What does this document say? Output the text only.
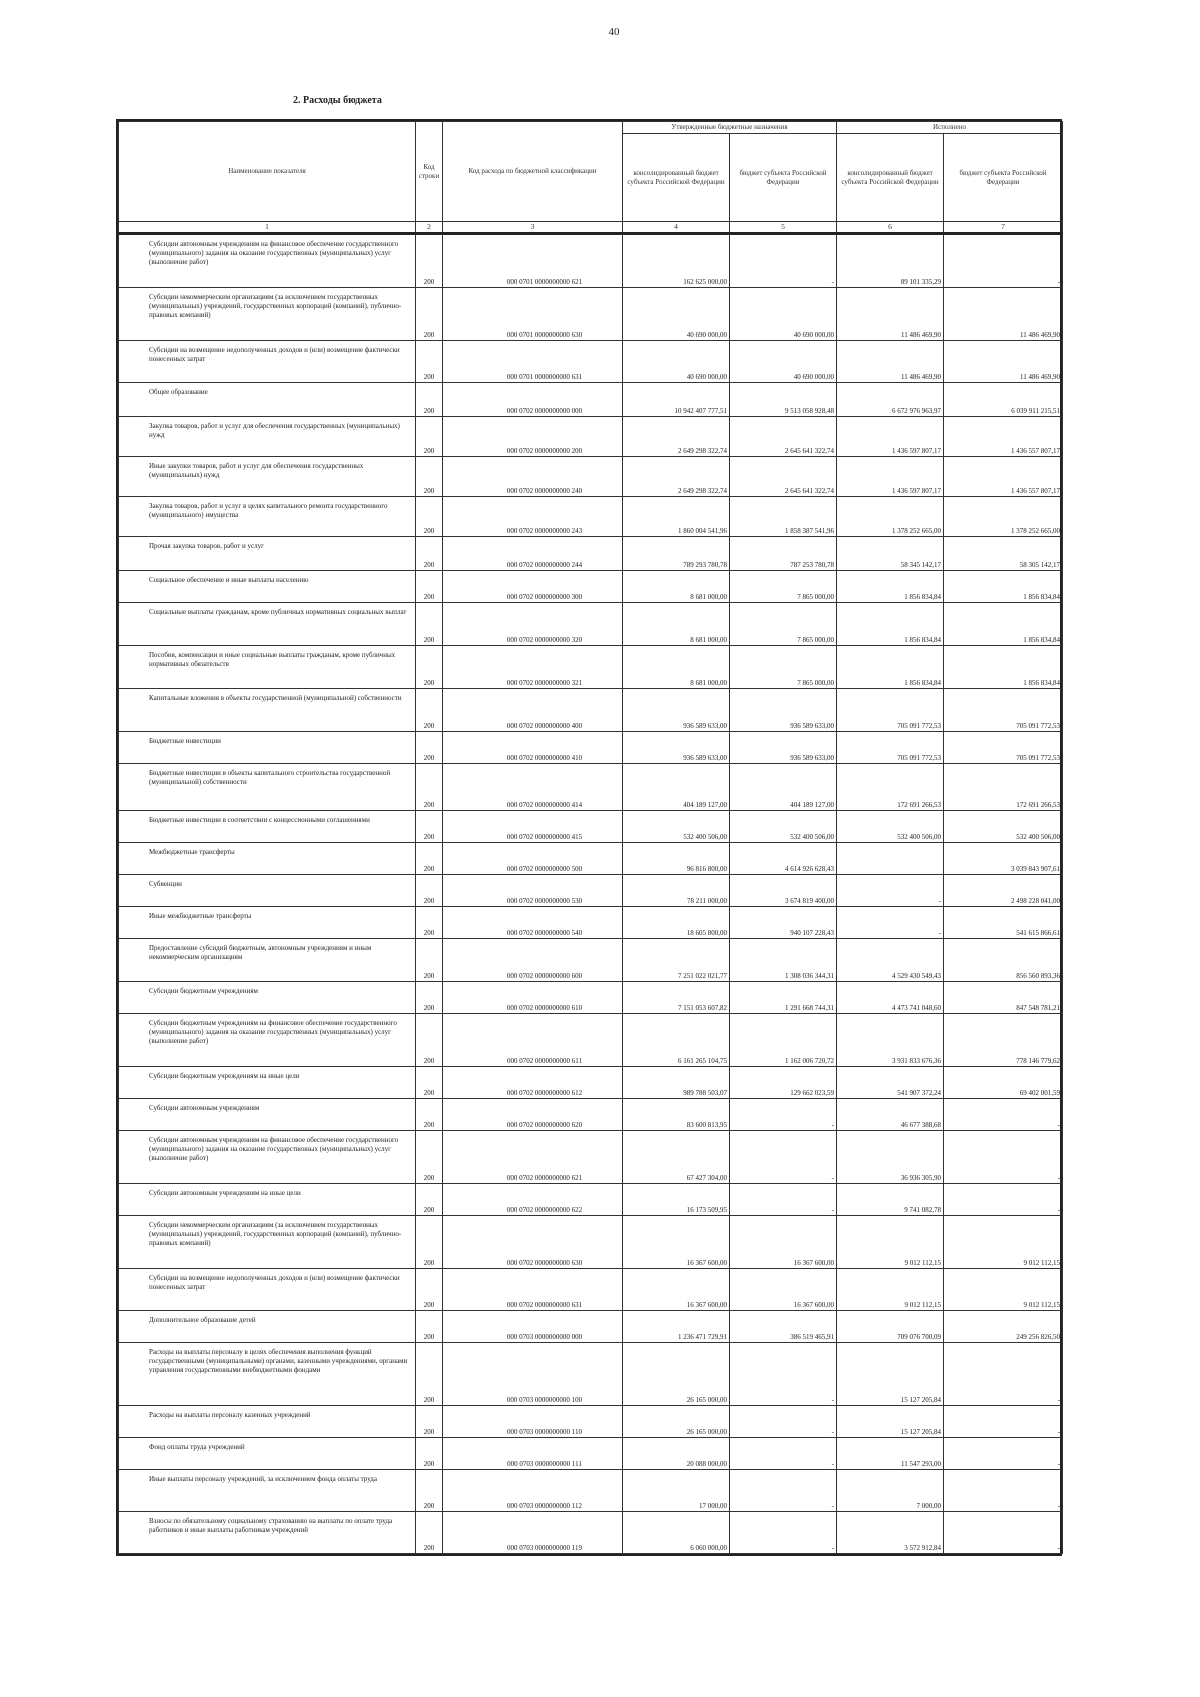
40
2. Расходы бюджета
Наименование показателя	Код строки	Код расхода по бюджетной классификации	Утвержденные бюджетные назначения		Исполнено	
			консолидированный бюджет субъекта Российской Федерации	бюджет субъекта Российской Федерации	консолидированный бюджет субъекта Российской Федерации	бюджет субъекта Российской Федерации
1	2	3	4	5	6	7
Субсидии автономным учреждениям на финансовое обеспечение государственного (муниципального) задания на оказание государственных (муниципальных) услуг (выполнение работ)	200	000 0701 0000000000 621	162 625 000,00	-	89 101 335,29	-
Субсидии некоммерческим организациям (за исключением государственных (муниципальных) учреждений, государственных корпораций (компаний), публично-правовых компаний)	200	000 0701 0000000000 630	40 690 000,00	40 690 000,00	11 486 469,90	11 486 469,90
Субсидии на возмещение недополученных доходов и (или) возмещение фактически понесенных затрат	200	000 0701 0000000000 631	40 690 000,00	40 690 000,00	11 486 469,90	11 486 469,90
Общее образование	200	000 0702 0000000000 000	10 942 407 777,51	9 513 058 928,48	6 672 976 963,97	6 039 911 215,51
Закупка товаров, работ и услуг для обеспечения государственных (муниципальных) нужд	200	000 0702 0000000000 200	2 649 298 322,74	2 645 641 322,74	1 436 597 807,17	1 436 557 807,17
Иные закупки товаров, работ и услуг для обеспечения государственных (муниципальных) нужд	200	000 0702 0000000000 240	2 649 298 322,74	2 645 641 322,74	1 436 597 807,17	1 436 557 807,17
Закупка товаров, работ и услуг в целях капитального ремонта государственного (муниципального) имущества	200	000 0702 0000000000 243	1 860 004 541,96	1 858 387 541,96	1 378 252 665,00	1 378 252 665,00
Прочая закупка товаров, работ и услуг	200	000 0702 0000000000 244	789 293 780,78	787 253 780,78	58 345 142,17	58 305 142,17
Социальное обеспечение и иные выплаты населению	200	000 0702 0000000000 300	8 681 000,00	7 865 000,00	1 856 834,84	1 856 834,84
Социальные выплаты гражданам, кроме публичных нормативных социальных выплат	200	000 0702 0000000000 320	8 681 000,00	7 865 000,00	1 856 834,84	1 856 834,84
Пособия, компенсации и иные социальные выплаты гражданам, кроме публичных нормативных обязательств	200	000 0702 0000000000 321	8 681 000,00	7 865 000,00	1 856 834,84	1 856 834,84
Капитальные вложения в объекты государственной (муниципальной) собственности	200	000 0702 0000000000 400	936 589 633,00	936 589 633,00	705 091 772,53	705 091 772,53
Бюджетные инвестиции	200	000 0702 0000000000 410	936 589 633,00	936 589 633,00	705 091 772,53	705 091 772,53
Бюджетные инвестиции в объекты капитального строительства государственной (муниципальной) собственности	200	000 0702 0000000000 414	404 189 127,00	404 189 127,00	172 691 266,53	172 691 266,53
Бюджетные инвестиции в соответствии с концессионными соглашениями	200	000 0702 0000000000 415	532 400 506,00	532 400 506,00	532 400 506,00	532 400 506,00
Межбюджетные трансферты	200	000 0702 0000000000 500	96 816 800,00	4 614 926 628,43		3 039 843 907,61
Субвенции	200	000 0702 0000000000 530	78 211 000,00	3 674 819 400,00	-	2 498 228 041,00
Иные межбюджетные трансферты	200	000 0702 0000000000 540	18 605 800,00	940 107 228,43	-	541 615 866,61
Предоставление субсидий бюджетным, автономным учреждениям и иным некоммерческим организациям	200	000 0702 0000000000 600	7 251 022 021,77	1 308 036 344,31	4 529 430 549,43	856 560 893,36
Субсидии бюджетным учреждениям	200	000 0702 0000000000 610	7 151 053 607,82	1 291 668 744,31	4 473 741 048,60	847 548 781,21
Субсидии бюджетным учреждениям на финансовое обеспечение государственного (муниципального) задания на оказание государственных (муниципальных) услуг (выполнение работ)	200	000 0702 0000000000 611	6 161 265 104,75	1 162 006 720,72	3 931 833 676,36	778 146 779,62
Субсидии бюджетным учреждениям на иные цели	200	000 0702 0000000000 612	989 788 503,07	129 662 023,59	541 907 372,24	69 402 001,59
Субсидии автономным учреждениям	200	000 0702 0000000000 620	83 600 813,95	-	46 677 388,68	-
Субсидии автономным учреждениям на финансовое обеспечение государственного (муниципального) задания на оказание государственных (муниципальных) услуг (выполнение работ)	200	000 0702 0000000000 621	67 427 304,00	-	36 936 305,90	-
Субсидии автономным учреждениям на иные цели	200	000 0702 0000000000 622	16 173 509,95	-	9 741 082,78	-
Субсидии некоммерческим организациям (за исключением государственных (муниципальных) учреждений, государственных корпораций (компаний), публично-правовых компаний)	200	000 0702 0000000000 630	16 367 600,00	16 367 600,00	9 012 112,15	9 012 112,15
Субсидии на возмещение недополученных доходов и (или) возмещение фактически понесенных затрат	200	000 0702 0000000000 631	16 367 600,00	16 367 600,00	9 012 112,15	9 012 112,15
Дополнительное образование детей	200	000 0703 0000000000 000	1 236 471 729,91	386 519 465,91	709 076 700,09	249 256 826,50
Расходы на выплаты персоналу в целях обеспечения выполнения функций государственными (муниципальными) органами, казенными учреждениями, органами управления государственными внебюджетными фондами	200	000 0703 0000000000 100	26 165 000,00	-	15 127 205,84	-
Расходы на выплаты персоналу казенных учреждений	200	000 0703 0000000000 110	26 165 000,00	-	15 127 205,84	-
Фонд оплаты труда учреждений	200	000 0703 0000000000 111	20 088 000,00	-	11 547 293,00	-
Иные выплаты персоналу учреждений, за исключением фонда оплаты труда	200	000 0703 0000000000 112	17 000,00	-	7 000,00	-
Взносы по обязательному социальному страхованию на выплаты по оплате труда работников и иные выплаты работникам учреждений	200	000 0703 0000000000 119	6 060 000,00	-	3 572 912,84	-
